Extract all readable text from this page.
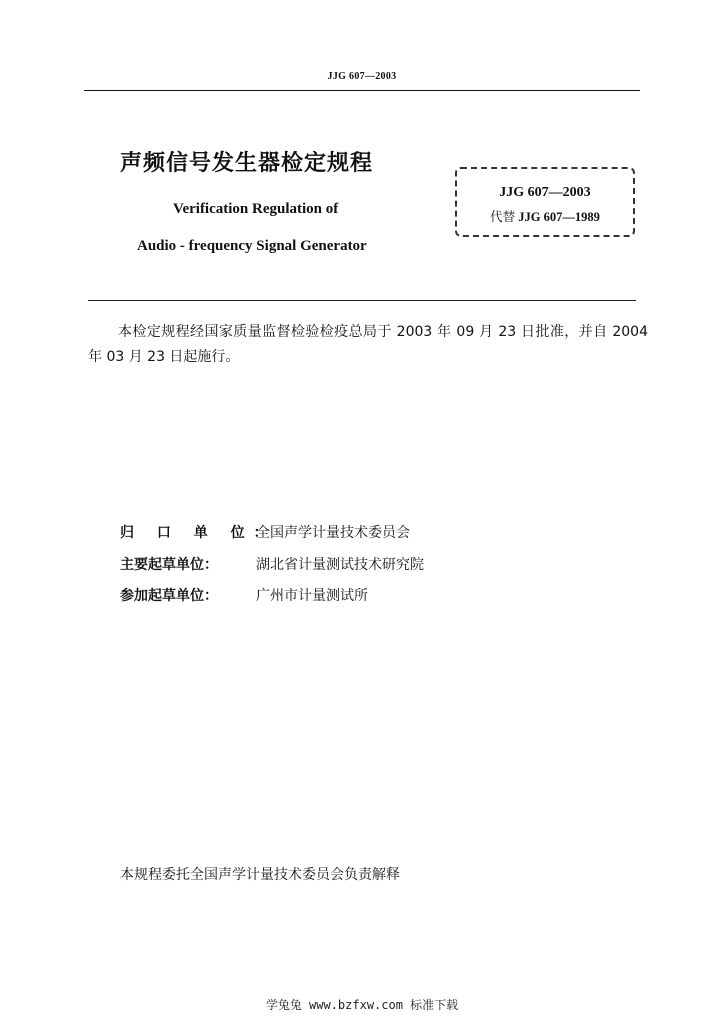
JJG 607—2003
声频信号发生器检定规程
Verification Regulation of
Audio - frequency Signal Generator
JJG 607—2003
代替 JJG 607—1989
本检定规程经国家质量监督检验检疫总局于 2003 年 09 月 23 日批准，并自 2004 年 03 月 23 日起施行。
归 口 单 位：
全国声学计量技术委员会
主要起草单位：	湖北省计量测试技术研究院
参加起草单位：	广州市计量测试所
本规程委托全国声学计量技术委员会负责解释
学兔兔 www.bzfxw.com 标准下载
